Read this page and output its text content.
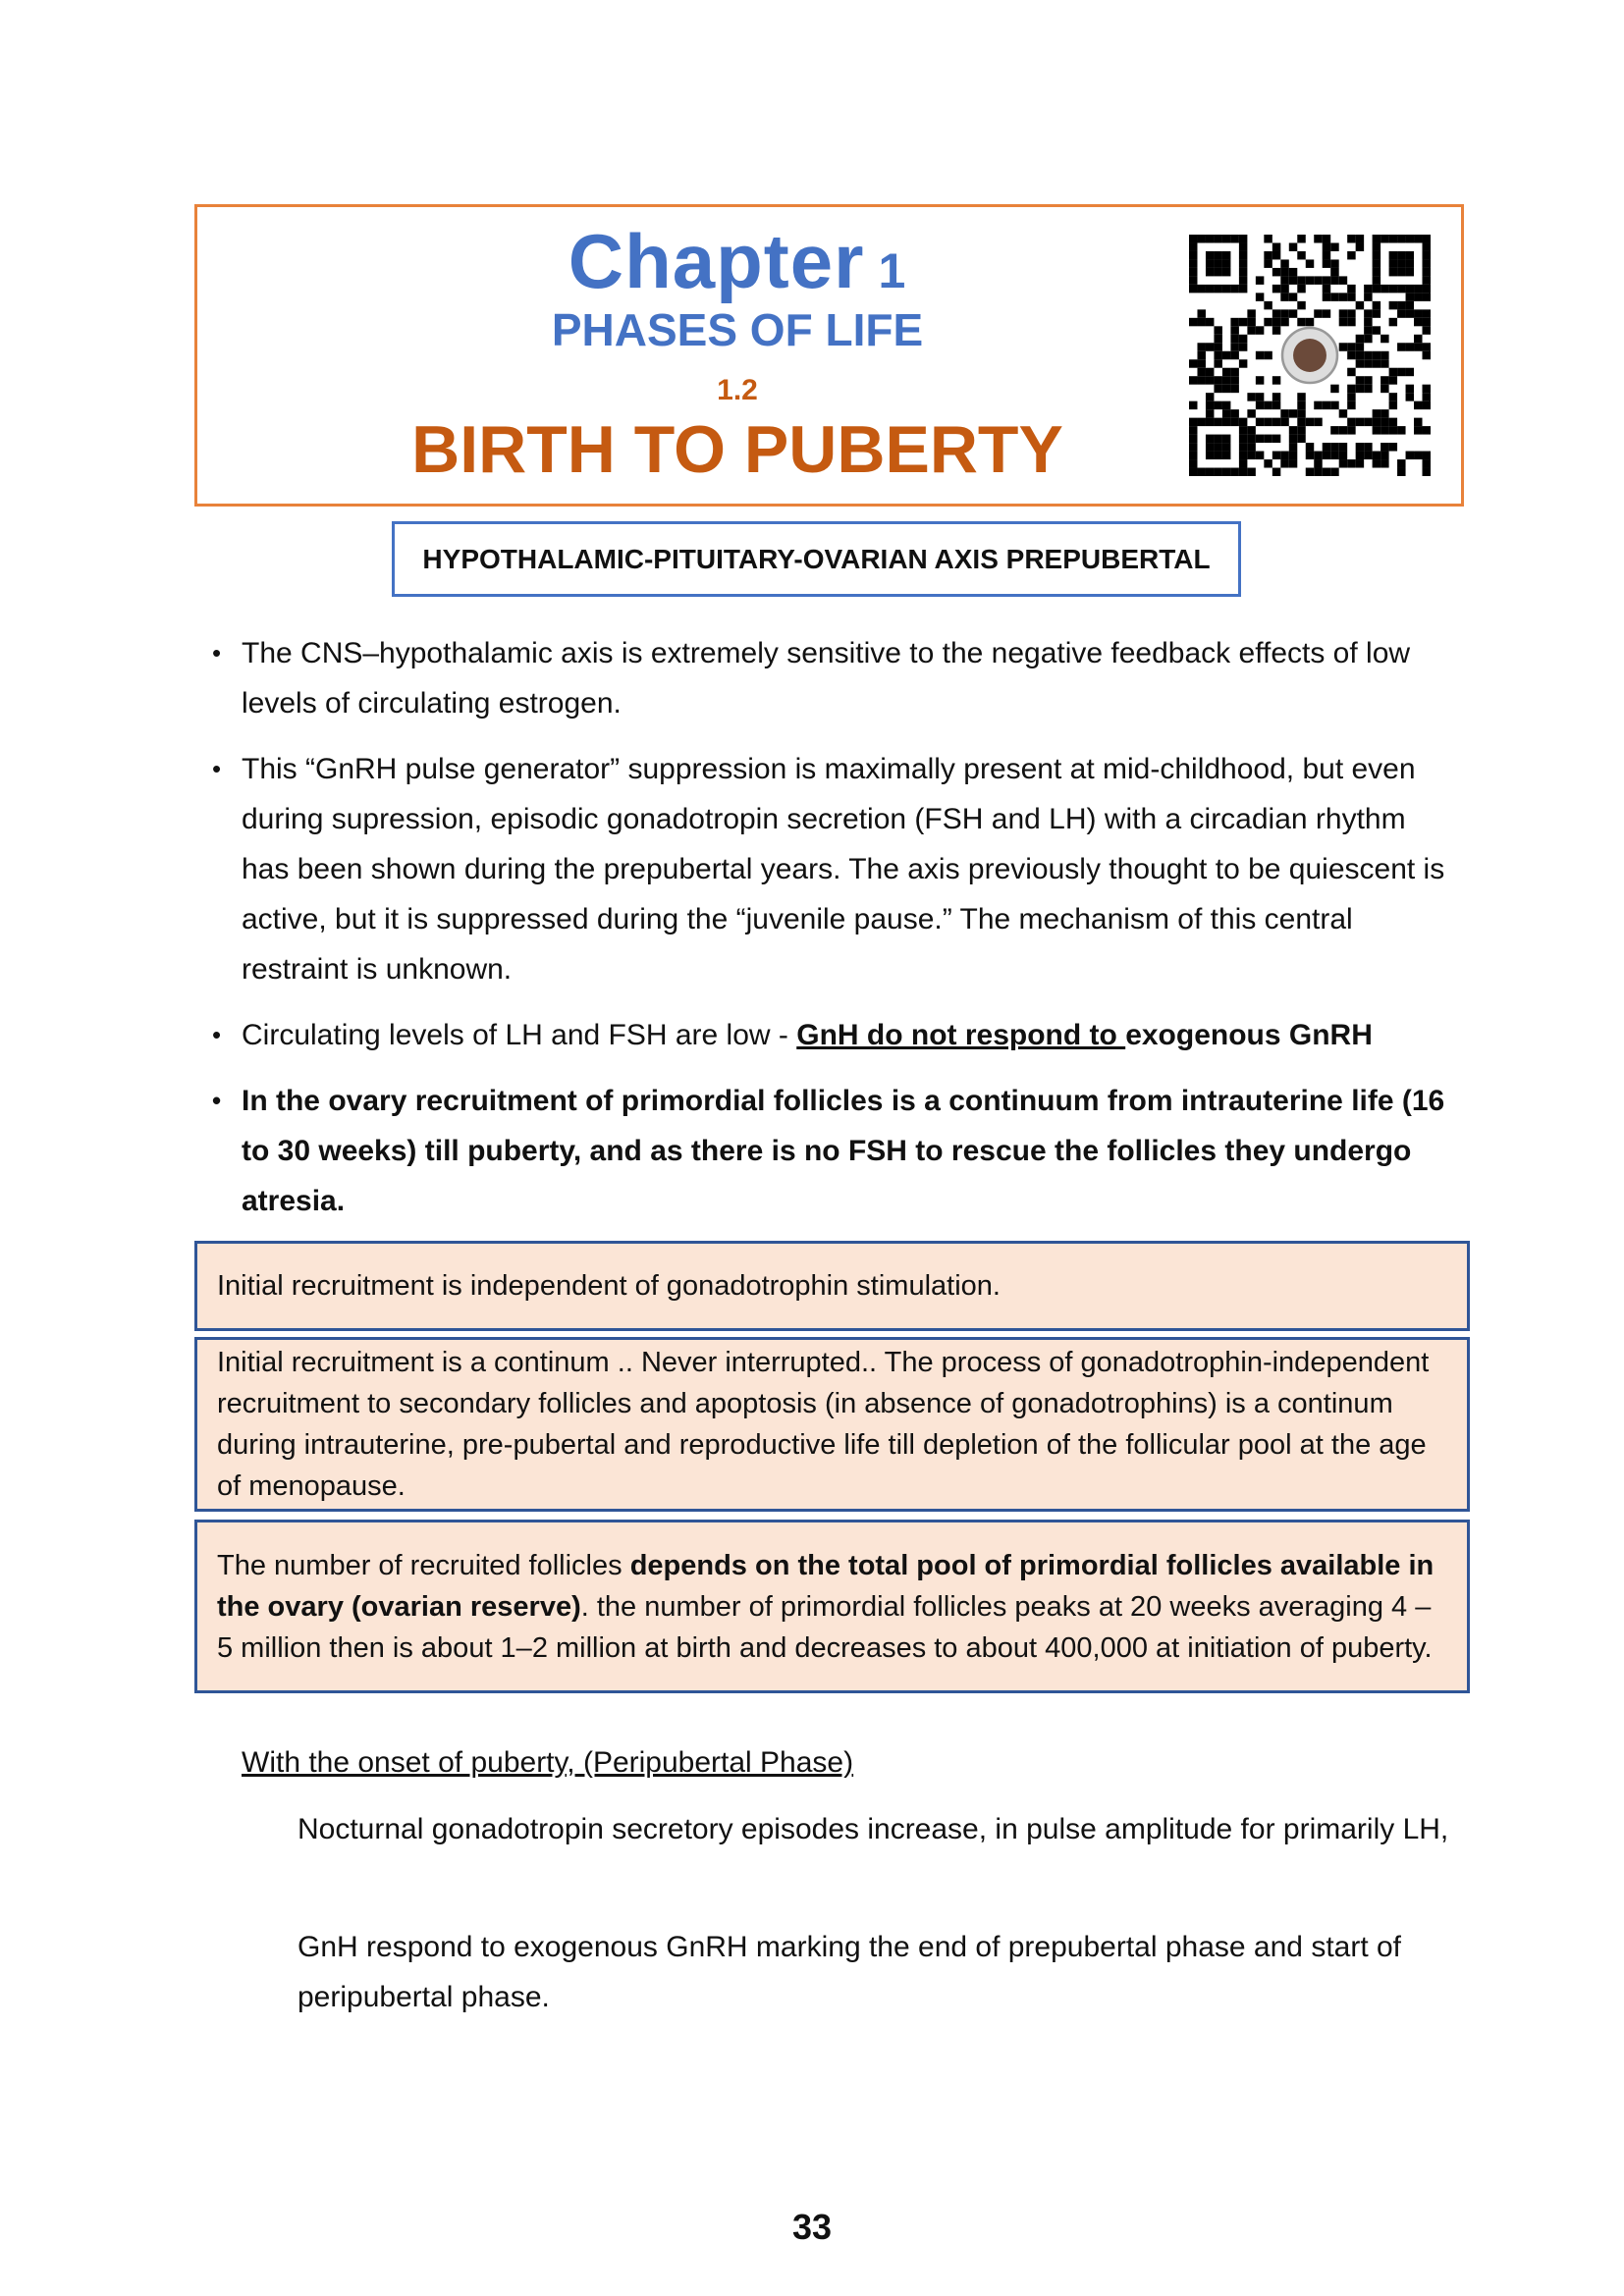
Chapter 1
PHASES OF LIFE
1.2
BIRTH TO PUBERTY
HYPOTHALAMIC-PITUITARY-OVARIAN AXIS PREPUBERTAL
• The CNS–hypothalamic axis is extremely sensitive to the negative feedback effects of low levels of circulating estrogen.
• This “GnRH pulse generator” suppression is maximally present at mid-childhood, but even during supression, episodic gonadotropin secretion (FSH and LH) with a circadian rhythm has been shown during the prepubertal years. The axis previously thought to be quiescent is active, but it is suppressed during the “juvenile pause.” The mechanism of this central restraint is unknown.
• Circulating levels of LH and FSH are low - GnH do not respond to exogenous GnRH
• In the ovary recruitment of primordial follicles is a continuum from intrauterine life (16 to 30 weeks) till puberty, and as there is no FSH to rescue the follicles they undergo atresia.
Initial recruitment is independent of gonadotrophin stimulation.
Initial recruitment is a continum .. Never interrupted.. The process of gonadotrophin-independent recruitment to secondary follicles and apoptosis (in absence of gonadotrophins) is a continum during intrauterine, pre-pubertal and reproductive life till depletion of the follicular pool at the age of menopause.
The number of recruited follicles depends on the total pool of primordial follicles available in the ovary (ovarian reserve). the number of primordial follicles peaks at 20 weeks averaging 4 – 5 million then is about 1–2 million at birth and decreases to about 400,000 at initiation of puberty.
With the onset of puberty, (Peripubertal Phase)
Nocturnal gonadotropin secretory episodes increase, in pulse amplitude for primarily LH,
GnH respond to exogenous GnRH marking the end of prepubertal phase and start of peripubertal phase.
33
